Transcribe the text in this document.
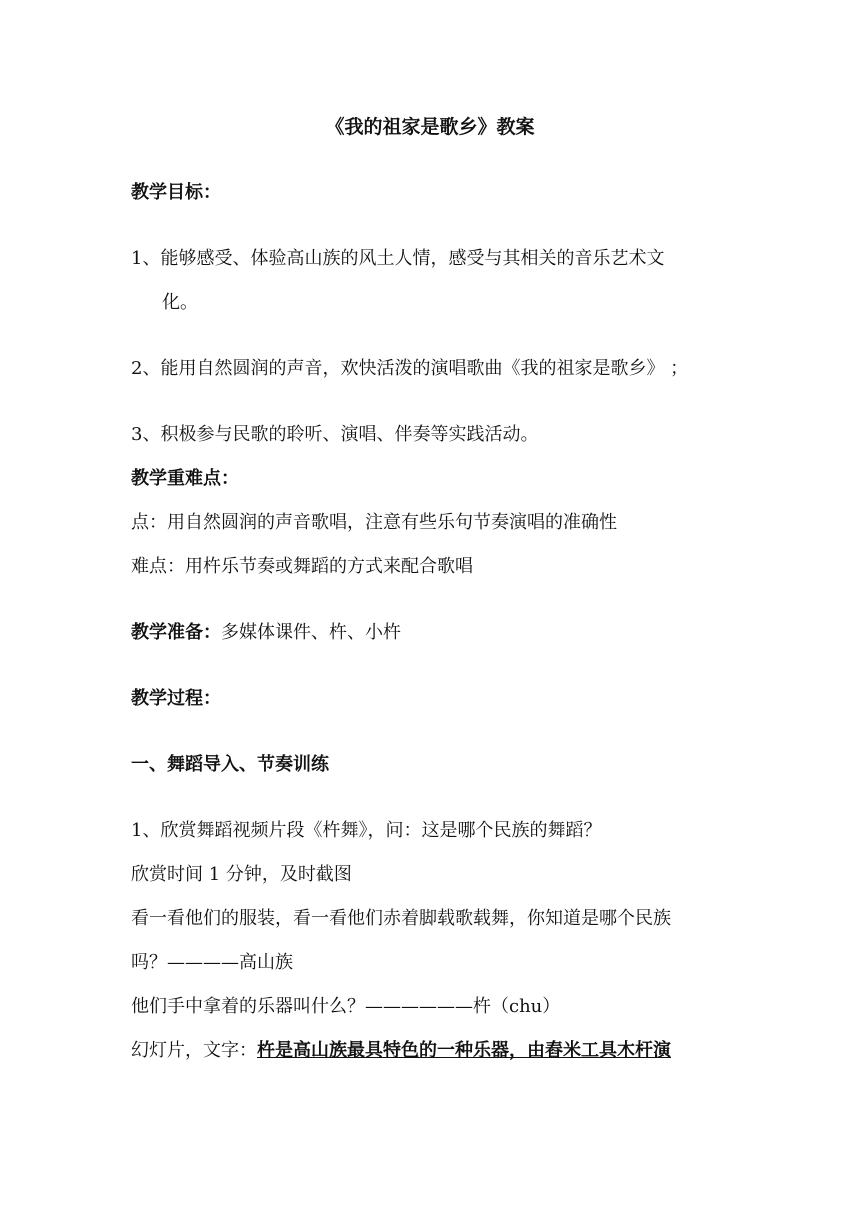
《我的祖家是歌乡》教案
教学目标：
1、能够感受、体验高山族的风土人情，感受与其相关的音乐艺术文
化。
2、能用自然圆润的声音，欢快活泼的演唱歌曲《我的祖家是歌乡》 ；
3、积极参与民歌的聆听、演唱、伴奏等实践活动。
教学重难点：
点：用自然圆润的声音歌唱，注意有些乐句节奏演唱的准确性
难点：用杵乐节奏或舞蹈的方式来配合歌唱
教学准备：多媒体课件、杵、小杵
教学过程：
一、舞蹈导入、节奏训练
1、欣赏舞蹈视频片段《杵舞》，问：这是哪个民族的舞蹈？
欣赏时间 1 分钟，及时截图
看一看他们的服装，看一看他们赤着脚载歌载舞，你知道是哪个民族
吗？————高山族
他们手中拿着的乐器叫什么？——————杵（chu）
幻灯片，文字：杵是高山族最具特色的一种乐器，由舂米工具木杆演
